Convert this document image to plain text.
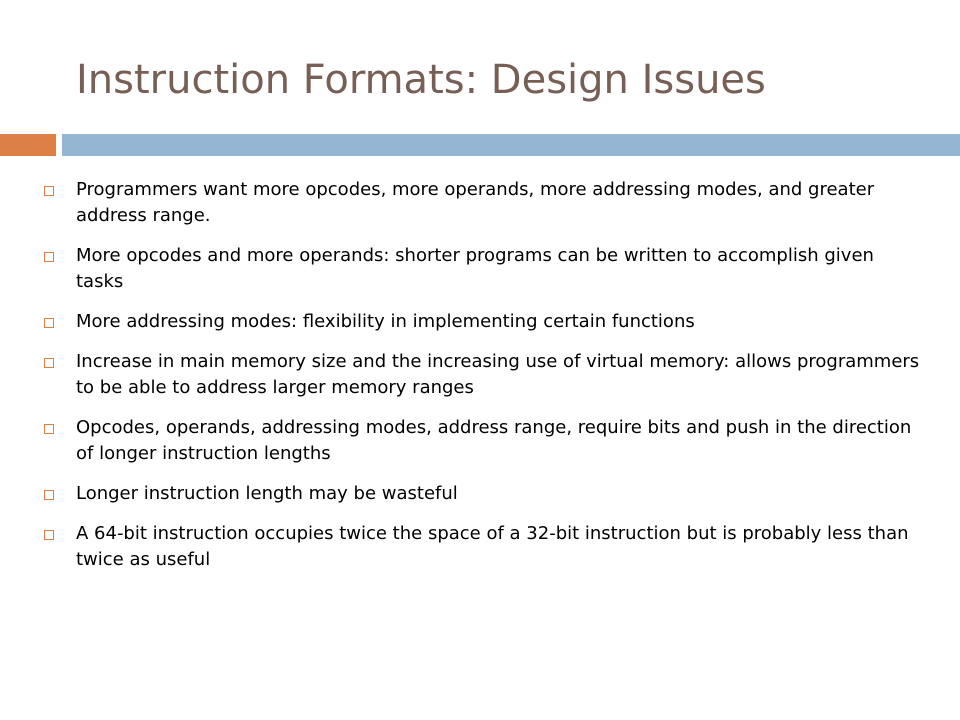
Instruction Formats: Design Issues
Programmers want more opcodes, more operands, more addressing modes, and greater address range.
More opcodes and more operands: shorter programs can be written to accomplish given tasks
More addressing modes: flexibility in implementing certain functions
Increase in main memory size and the increasing use of virtual memory: allows programmers to be able to address larger memory ranges
Opcodes, operands, addressing modes, address range, require bits and push in the direction of longer instruction lengths
Longer instruction length may be wasteful
A 64-bit instruction occupies twice the space of a 32-bit instruction but is probably less than twice as useful
